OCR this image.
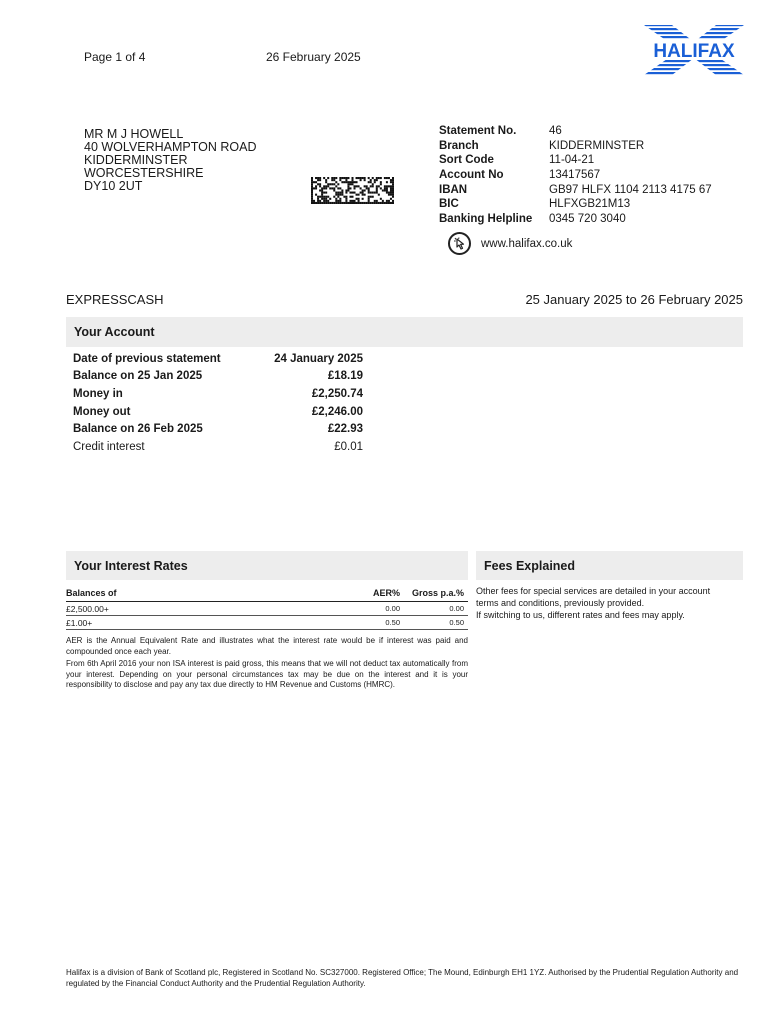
Page 1 of 4	26 February 2025	HALIFAX
MR M J HOWELL
40 WOLVERHAMPTON ROAD
KIDDERMINSTER
WORCESTERSHIRE
DY10 2UT
Statement No.	46
Branch	KIDDERMINSTER
Sort Code	11-04-21
Account No	13417567
IBAN	GB97 HLFX 1104 2113 4175 67
BIC	HLFXGB21M13
Banking Helpline	0345 720 3040
www.halifax.co.uk
EXPRESSCASH	25 January 2025 to 26 February 2025
Your Account
Date of previous statement	24 January 2025
Balance on 25 Jan 2025	£18.19
Money in	£2,250.74
Money out	£2,246.00
Balance on 26 Feb 2025	£22.93
Credit interest	£0.01
Your Interest Rates	Fees Explained
Balances of	AER%	Gross p.a.%
£2,500.00+	0.00	0.00
£1.00+	0.50	0.50

AER is the Annual Equivalent Rate and illustrates what the interest rate would be if interest was paid and compounded once each year.

From 6th April 2016 your non ISA interest is paid gross, this means that we will not deduct tax automatically from your interest. Depending on your personal circumstances tax may be due on the interest and it is your responsibility to disclose and pay any tax due directly to HM Revenue and Customs (HMRC).

Other fees for special services are detailed in your account
terms and conditions, previously provided.
If switching to us, different rates and fees may apply.
Halifax is a division of Bank of Scotland plc, Registered in Scotland No. SC327000. Registered Office; The Mound, Edinburgh EH1 1YZ. Authorised by the Prudential Regulation Authority and regulated by the Financial Conduct Authority and the Prudential Regulation Authority.
